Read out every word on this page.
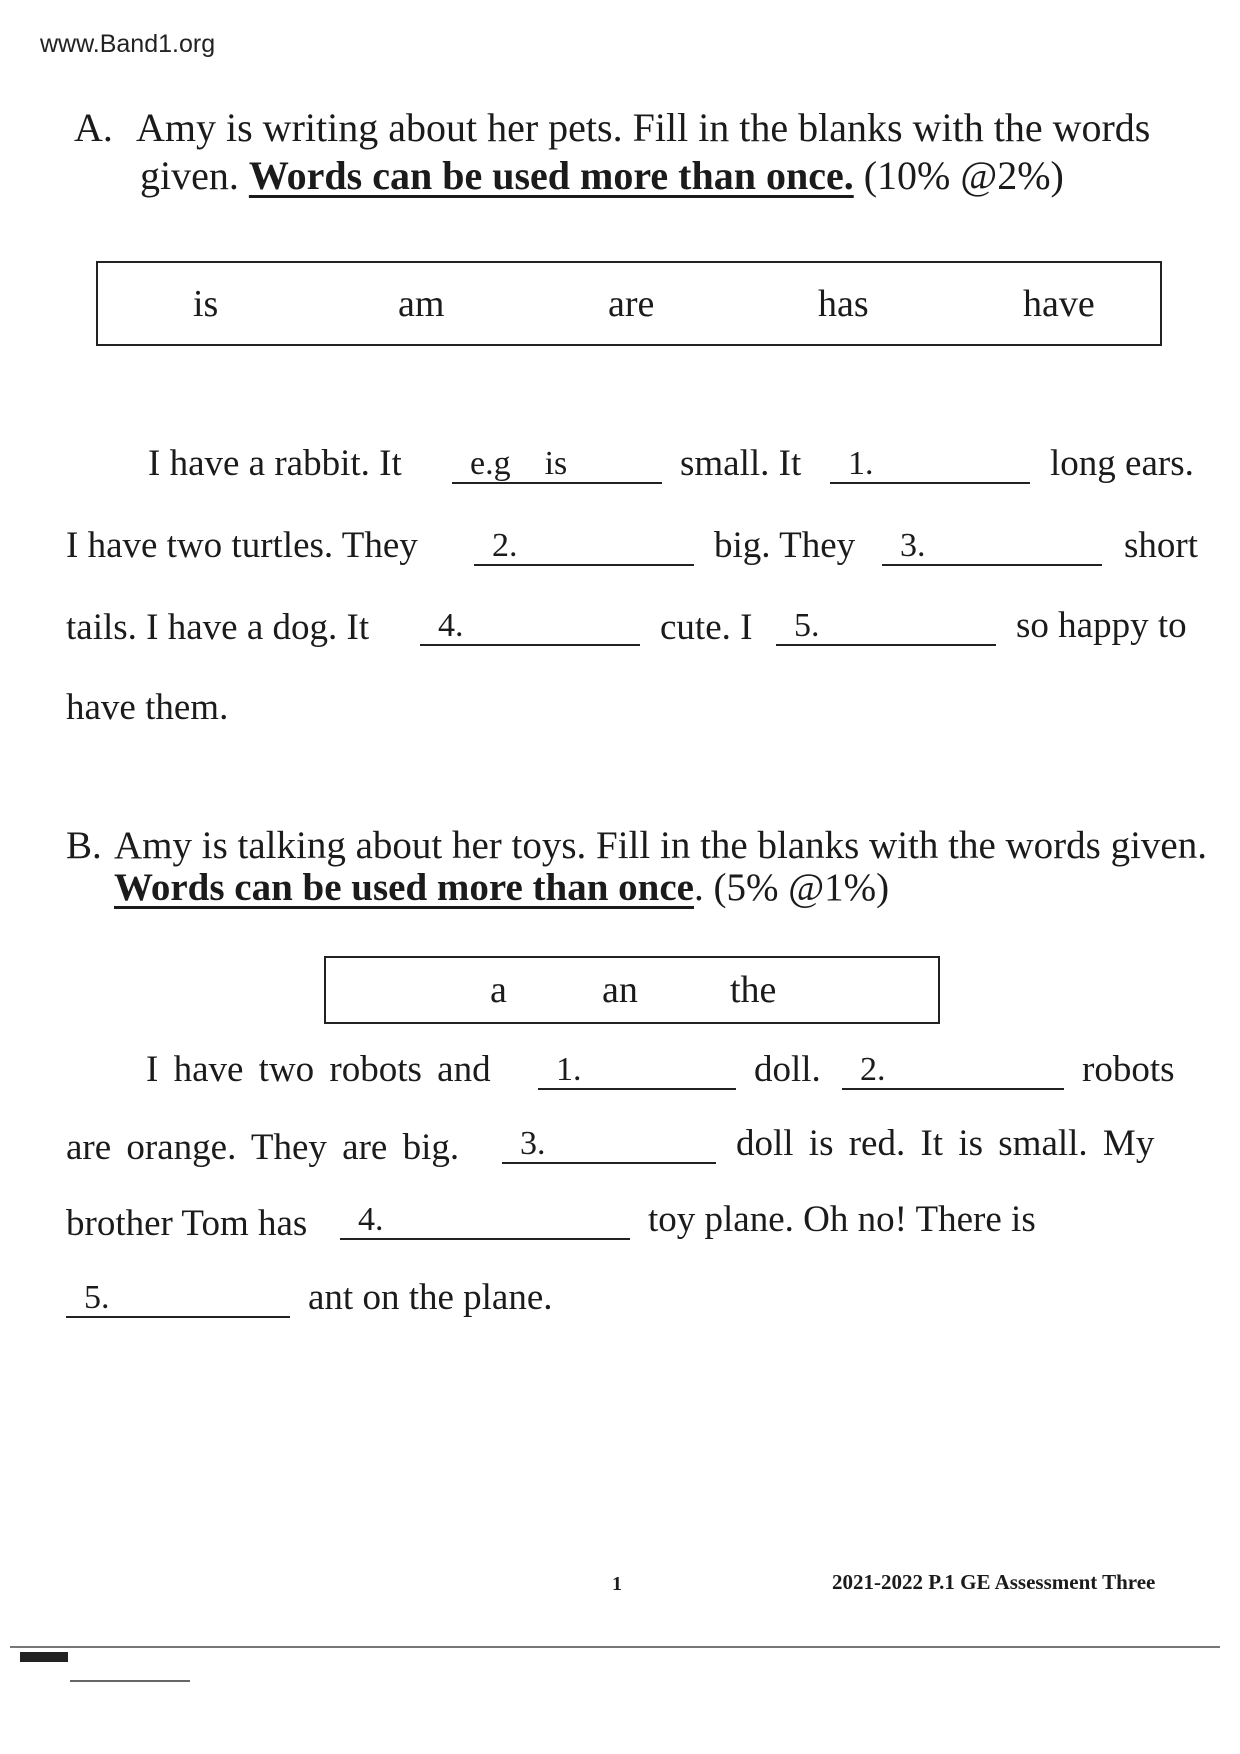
www.Band1.org
A. Amy is writing about her pets. Fill in the blanks with the words
given. Words can be used more than once. (10% @2%)
is	am	are	has	have
I have a rabbit. It	e.g is	small. It	1.	long ears.
I have two turtles. They	2.	big. They	3.	short
tails. I have a dog. It	4.	cute. I	5.	so happy to
have them.
B. Amy is talking about her toys. Fill in the blanks with the words given.
Words can be used more than once. (5% @1%)
a	an the
I have two robots and	1.	doll.	2.	robots
are orange. They are big.	3.	doll is red. It is small. My
brother Tom has	4.	toy plane. Oh no! There is
5.	ant on the plane.
1	2021-2022 P.1 GE Assessment Three
